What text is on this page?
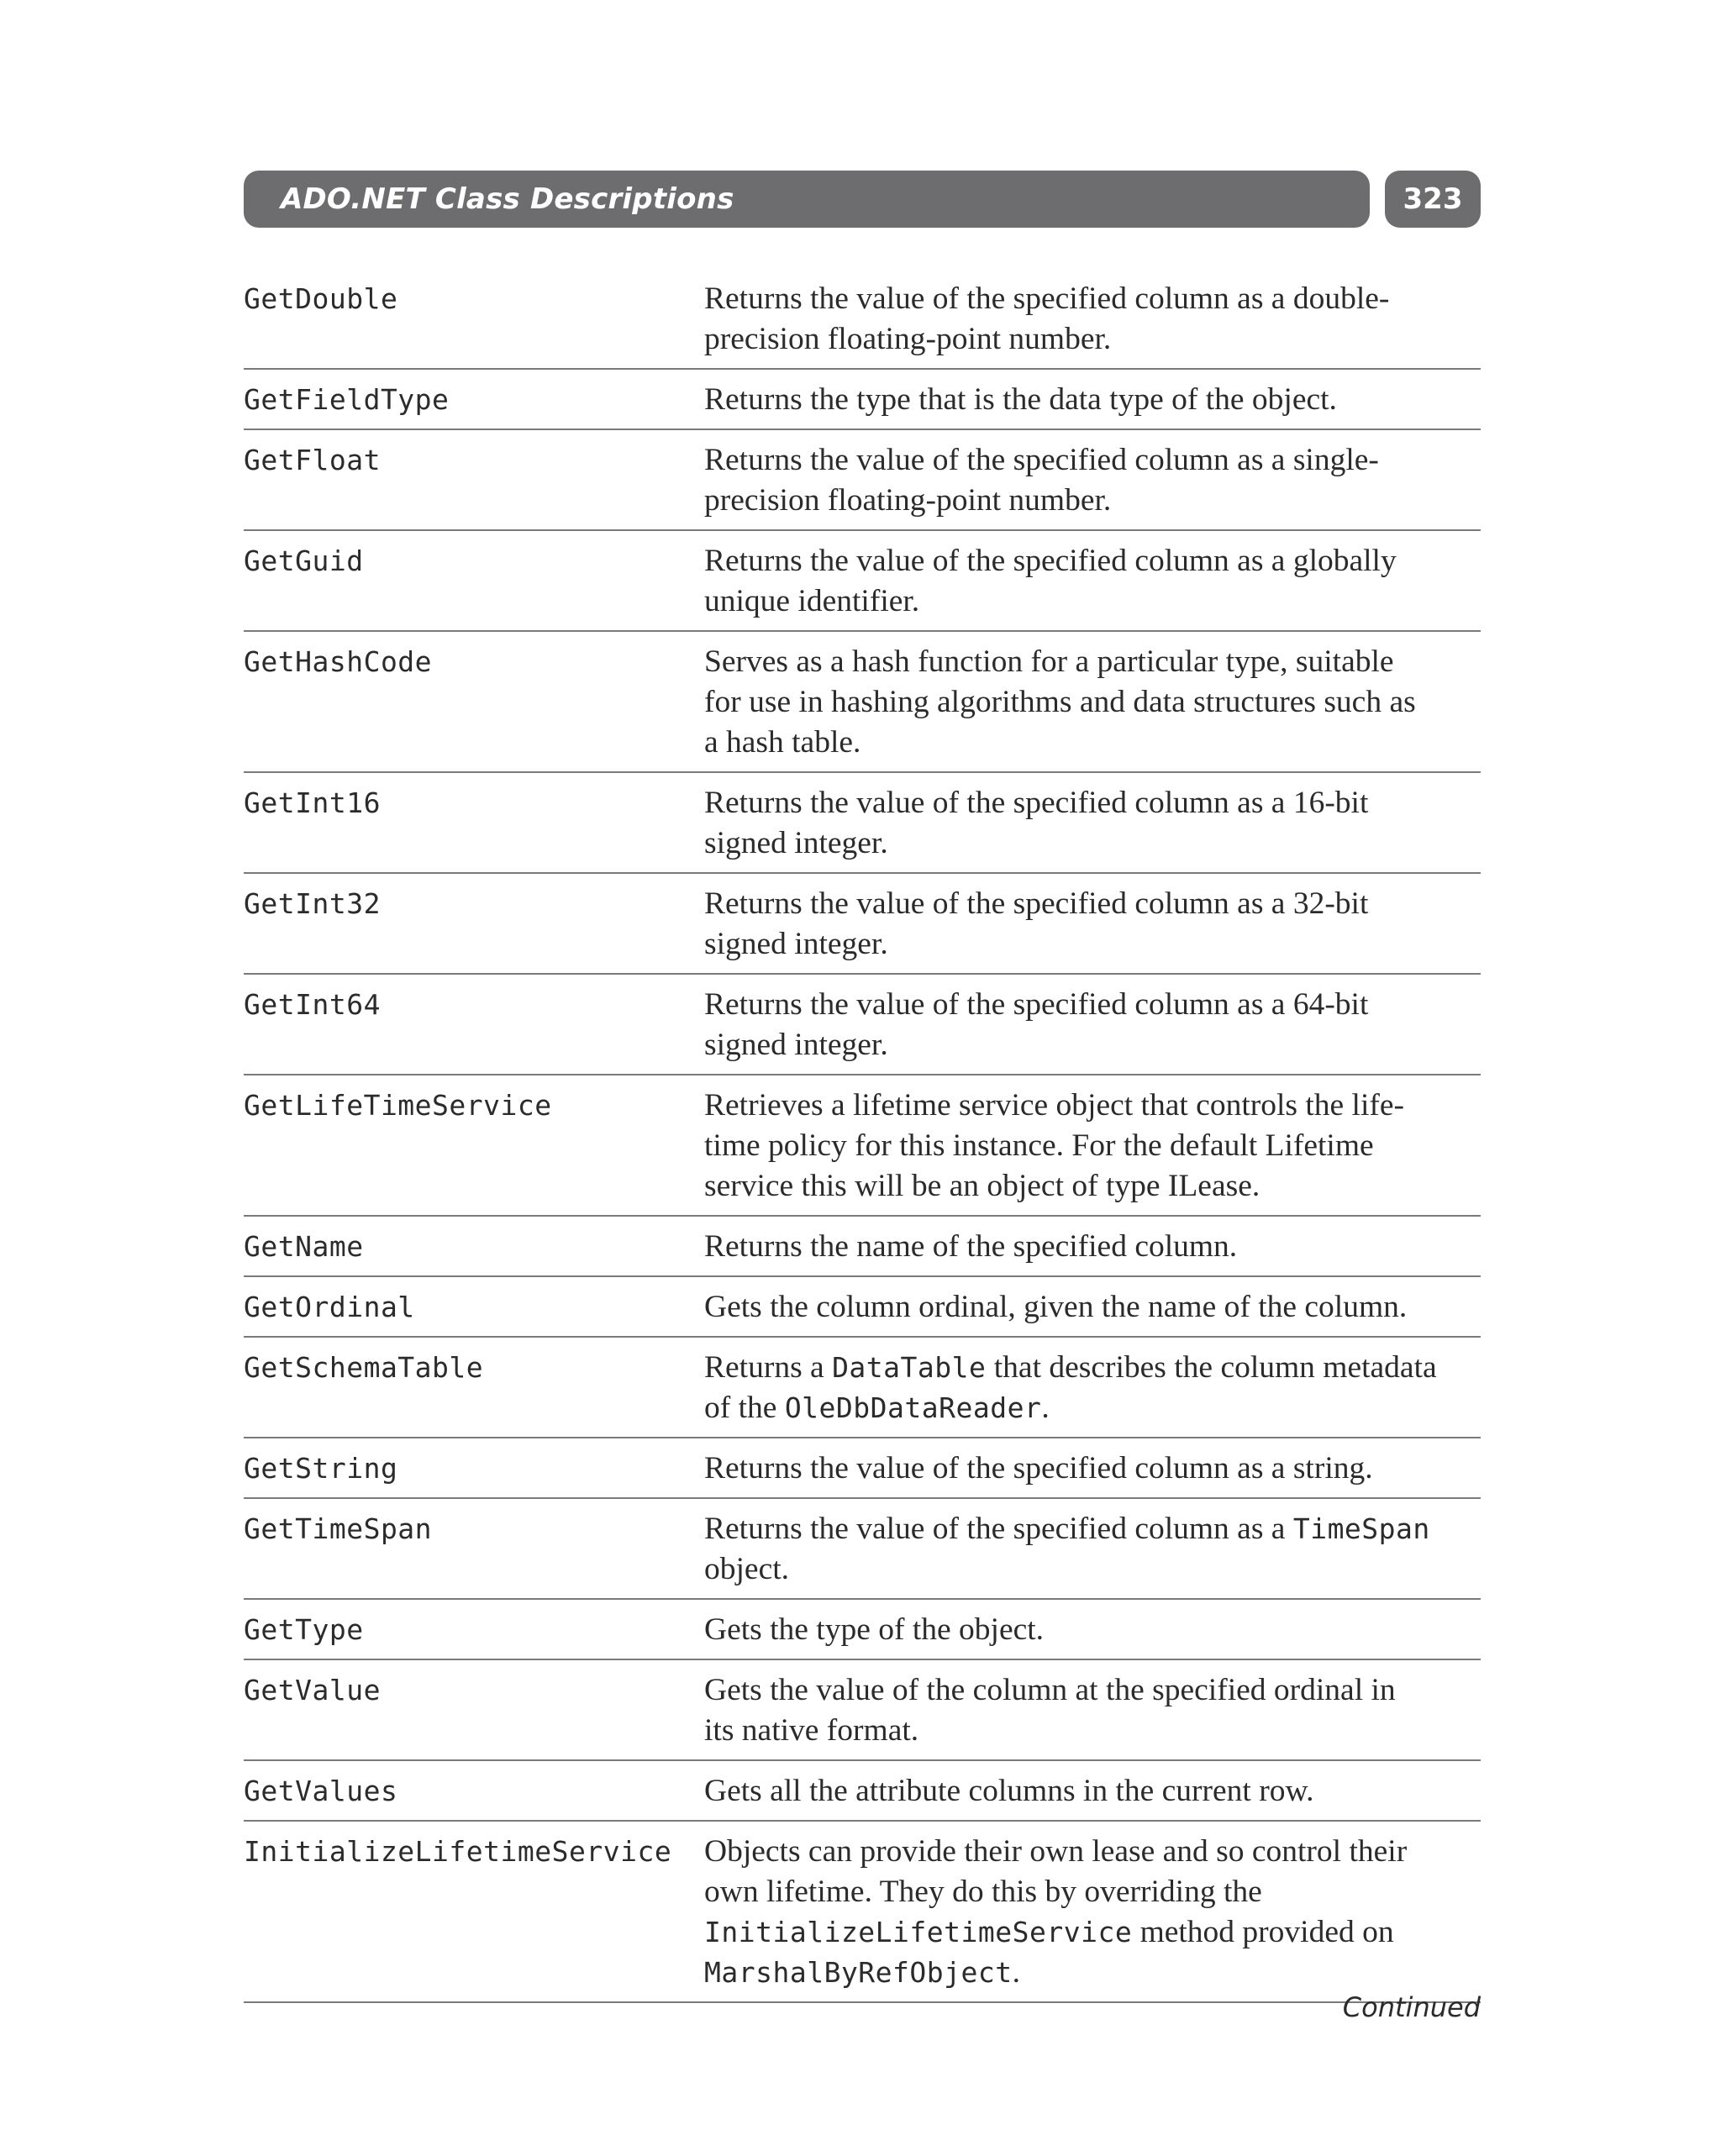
ADO.NET Class Descriptions	323
GetDouble	Returns the value of the specified column as a double-
precision floating-point number.
GetFieldType	Returns the type that is the data type of the object.
GetFloat	Returns the value of the specified column as a single-
precision floating-point number.
GetGuid	Returns the value of the specified column as a globally
unique identifier.
GetHashCode	Serves as a hash function for a particular type, suitable
for use in hashing algorithms and data structures such as
a hash table.
GetInt16	Returns the value of the specified column as a 16-bit
signed integer.
GetInt32	Returns the value of the specified column as a 32-bit
signed integer.
GetInt64	Returns the value of the specified column as a 64-bit
signed integer.
GetLifeTimeService	Retrieves a lifetime service object that controls the life-
time policy for this instance. For the default Lifetime
service this will be an object of type ILease.
GetName	Returns the name of the specified column.
GetOrdinal	Gets the column ordinal, given the name of the column.
GetSchemaTable	Returns a DataTable that describes the column metadata
of the OleDbDataReader.
GetString	Returns the value of the specified column as a string.
GetTimeSpan	Returns the value of the specified column as a TimeSpan
object.
GetType	Gets the type of the object.
GetValue	Gets the value of the column at the specified ordinal in
its native format.
GetValues	Gets all the attribute columns in the current row.
InitializeLifetimeService	Objects can provide their own lease and so control their
own lifetime. They do this by overriding the
InitializeLifetimeService method provided on
MarshalByRefObject.
Continued
